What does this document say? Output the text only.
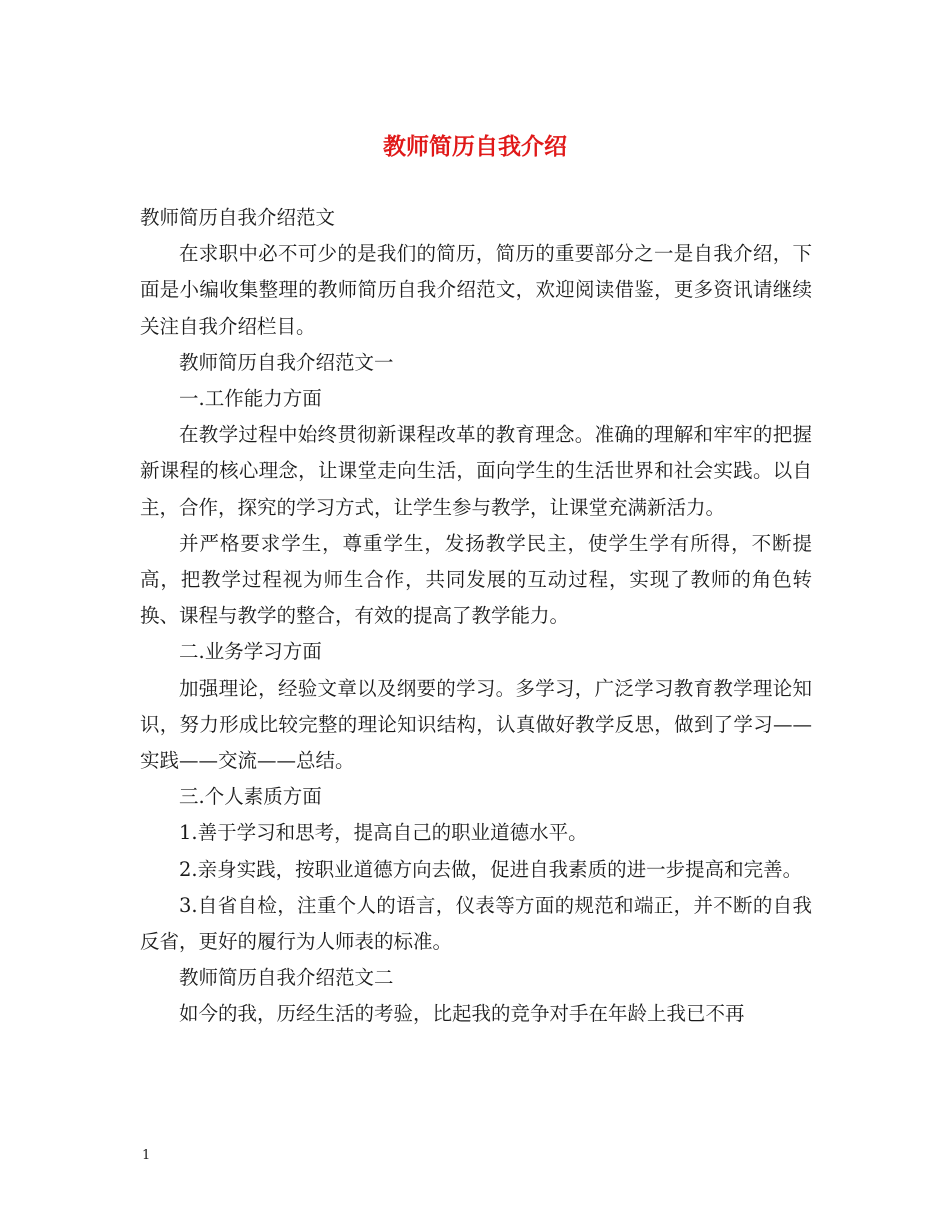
教师简历自我介绍

教师简历自我介绍范文

在求职中必不可少的是我们的简历，简历的重要部分之一是自我介绍，下面是小编收集整理的教师简历自我介绍范文，欢迎阅读借鉴，更多资讯请继续关注自我介绍栏目。

教师简历自我介绍范文一

一.工作能力方面

在教学过程中始终贯彻新课程改革的教育理念。准确的理解和牢牢的把握新课程的核心理念，让课堂走向生活，面向学生的生活世界和社会实践。以自主，合作，探究的学习方式，让学生参与教学，让课堂充满新活力。

并严格要求学生，尊重学生，发扬教学民主，使学生学有所得，不断提高，把教学过程视为师生合作，共同发展的互动过程，实现了教师的角色转换、课程与教学的整合，有效的提高了教学能力。

二.业务学习方面

加强理论，经验文章以及纲要的学习。多学习，广泛学习教育教学理论知识，努力形成比较完整的理论知识结构，认真做好教学反思，做到了学习——实践——交流——总结。

三.个人素质方面

1.善于学习和思考，提高自己的职业道德水平。

2.亲身实践，按职业道德方向去做，促进自我素质的进一步提高和完善。

3.自省自检，注重个人的语言，仪表等方面的规范和端正，并不断的自我反省，更好的履行为人师表的标准。

教师简历自我介绍范文二

如今的我，历经生活的考验，比起我的竞争对手在年龄上我已不再

1
